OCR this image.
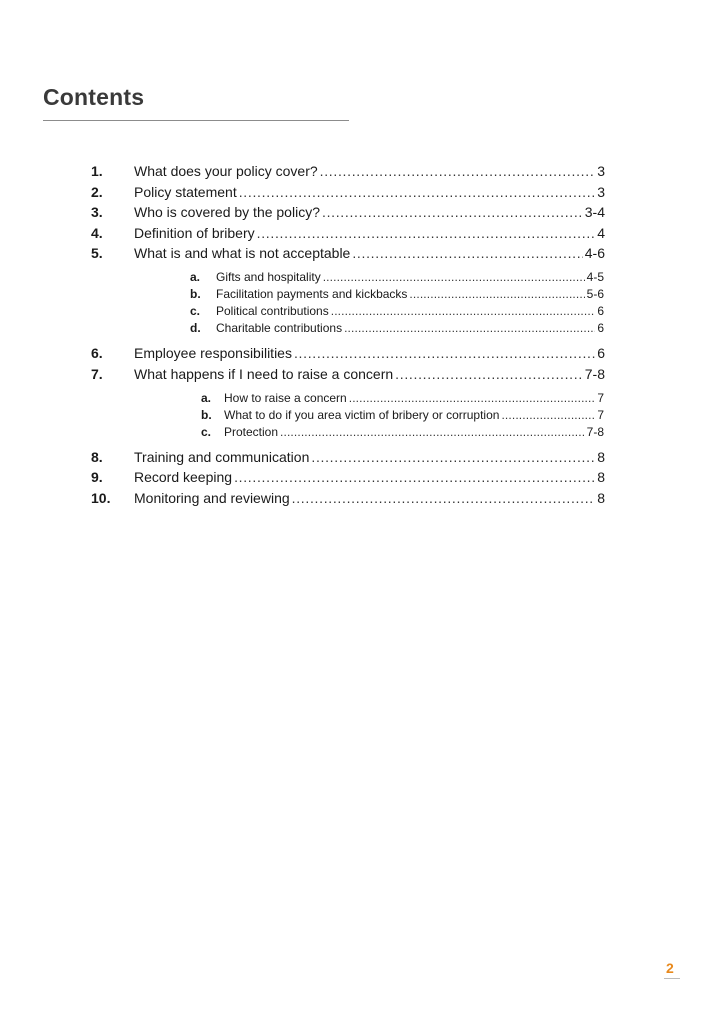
Contents
1. What does your policy cover? . . .	3
2. Policy statement . . .	3
3. Who is covered by the policy? . . .	3-4
4. Definition of bribery . . .	4
5. What is and what is not acceptable . . .	4-6
a. Gifts and hospitality . . .	4-5
b. Facilitation payments and kickbacks . . .	5-6
c. Political contributions . . .	6
d. Charitable contributions . . .	6
6. Employee responsibilities . . .	6
7. What happens if I need to raise a concern . . .	7-8
a. How to raise a concern . . .	7
b. What to do if you area victim of bribery or corruption . . .	7
c. Protection . . .	7-8
8. Training and communication . . .	8
9. Record keeping . . .	8
10. Monitoring and reviewing . . .	8
2
